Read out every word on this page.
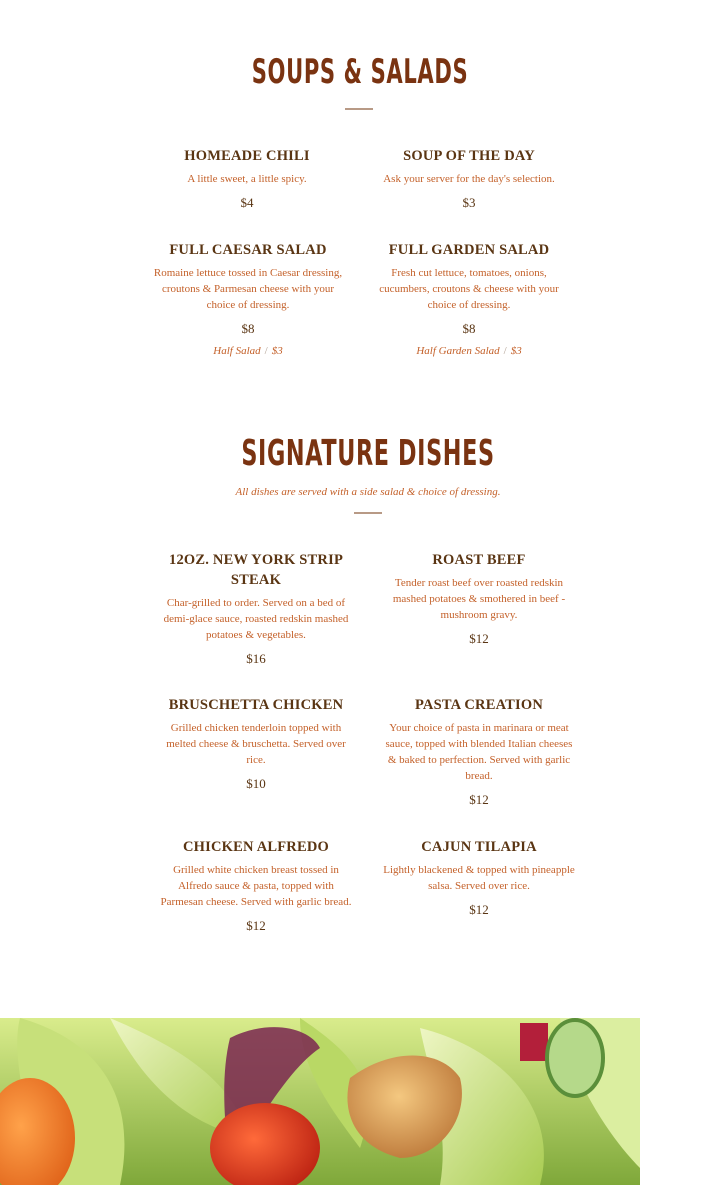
SOUPS & SALADS
HOMEADE CHILI
A little sweet, a little spicy.
$4
SOUP OF THE DAY
Ask your server for the day's selection.
$3
FULL CAESAR SALAD
Romaine lettuce tossed in Caesar dressing, croutons & Parmesan cheese with your choice of dressing.
$8
Half Salad / $3
FULL GARDEN SALAD
Fresh cut lettuce, tomatoes, onions, cucumbers, croutons & cheese with your choice of dressing.
$8
Half Garden Salad / $3
SIGNATURE DISHES
All dishes are served with a side salad & choice of dressing.
12OZ. NEW YORK STRIP STEAK
Char-grilled to order. Served on a bed of demi-glace sauce, roasted redskin mashed potatoes & vegetables.
$16
ROAST BEEF
Tender roast beef over roasted redskin mashed potatoes & smothered in beef - mushroom gravy.
$12
BRUSCHETTA CHICKEN
Grilled chicken tenderloin topped with melted cheese & bruschetta. Served over rice.
$10
PASTA CREATION
Your choice of pasta in marinara or meat sauce, topped with blended Italian cheeses & baked to perfection. Served with garlic bread.
$12
CHICKEN ALFREDO
Grilled white chicken breast tossed in Alfredo sauce & pasta, topped with Parmesan cheese. Served with garlic bread.
$12
CAJUN TILAPIA
Lightly blackened & topped with pineapple salsa. Served over rice.
$12
